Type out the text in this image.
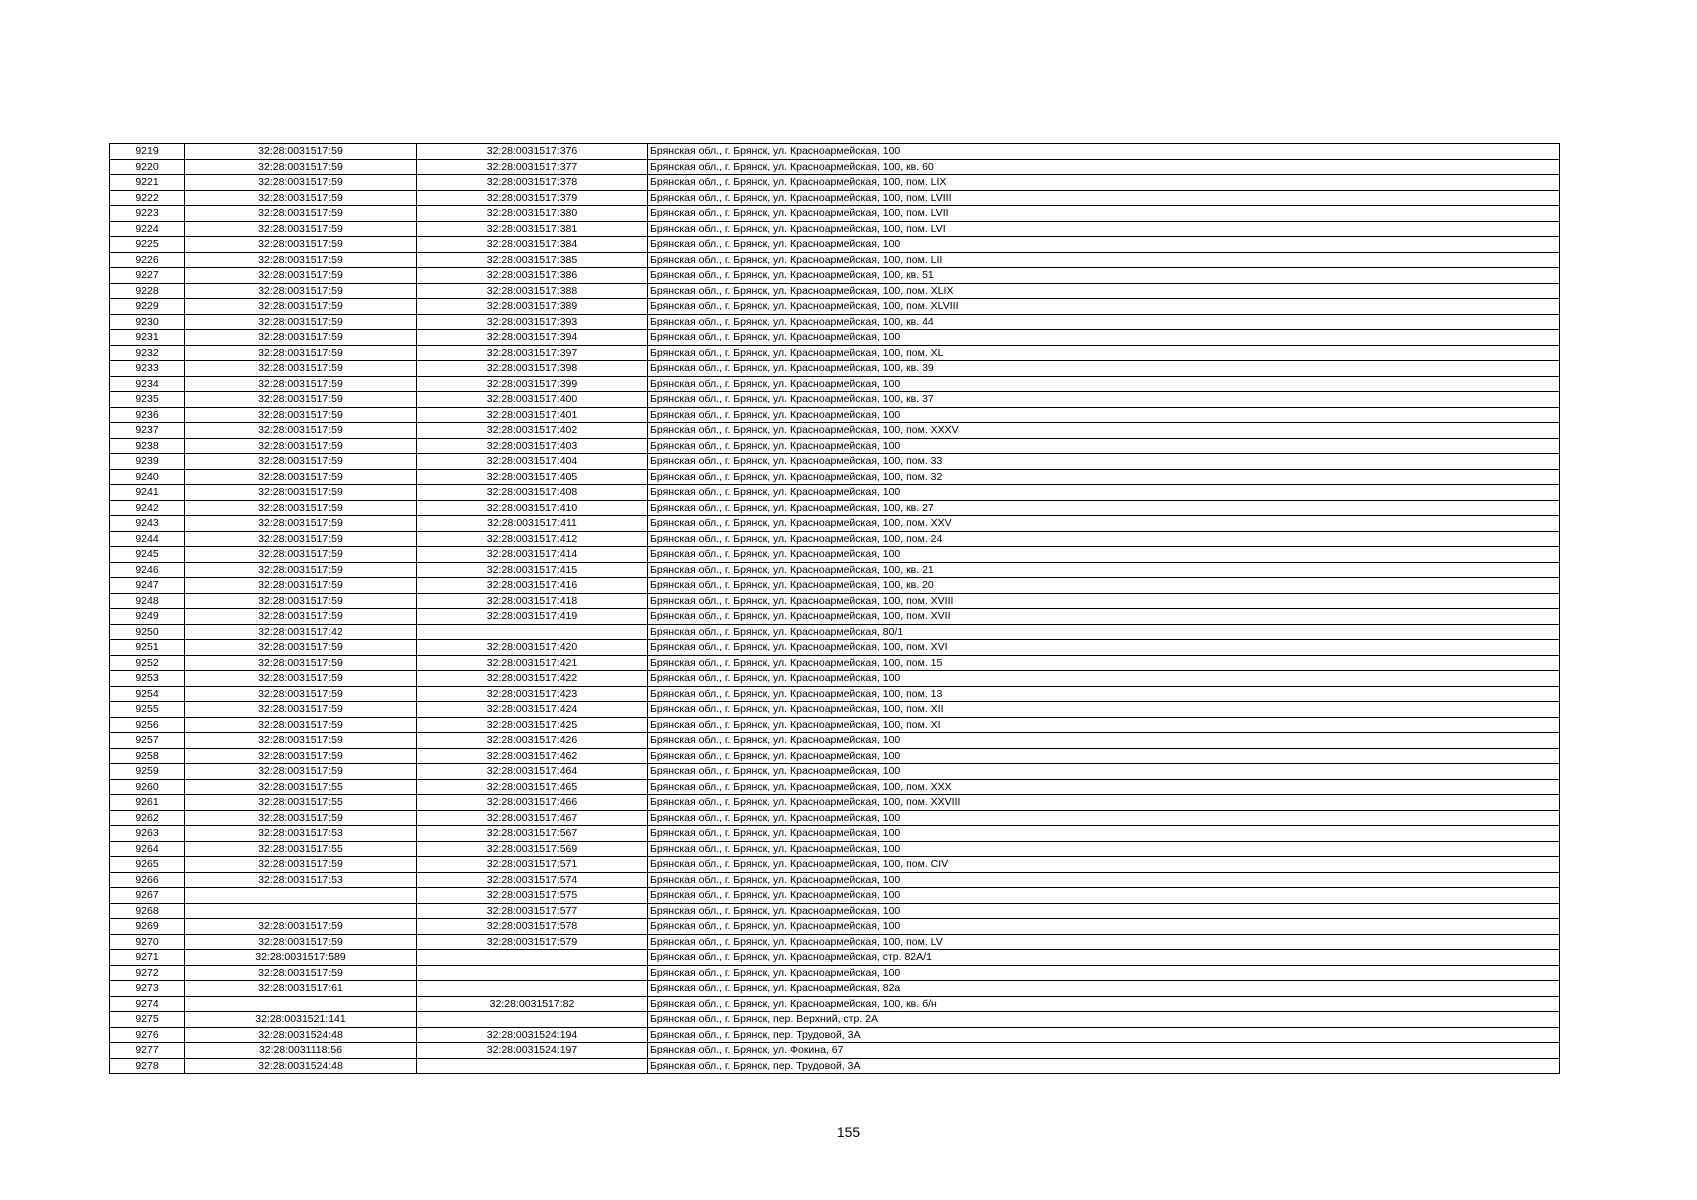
9219	32:28:0031517:59	32:28:0031517:376	Брянская обл., г. Брянск, ул. Красноармейская, 100
9220	32:28:0031517:59	32:28:0031517:377	Брянская обл., г. Брянск, ул. Красноармейская, 100, кв. 60
9221	32:28:0031517:59	32:28:0031517:378	Брянская обл., г. Брянск, ул. Красноармейская, 100, пом. LIX
9222	32:28:0031517:59	32:28:0031517:379	Брянская обл., г. Брянск, ул. Красноармейская, 100, пом. LVIII
9223	32:28:0031517:59	32:28:0031517:380	Брянская обл., г. Брянск, ул. Красноармейская, 100, пом. LVII
9224	32:28:0031517:59	32:28:0031517:381	Брянская обл., г. Брянск, ул. Красноармейская, 100, пом. LVI
9225	32:28:0031517:59	32:28:0031517:384	Брянская обл., г. Брянск, ул. Красноармейская, 100
9226	32:28:0031517:59	32:28:0031517:385	Брянская обл., г. Брянск, ул. Красноармейская, 100, пом. LII
9227	32:28:0031517:59	32:28:0031517:386	Брянская обл., г. Брянск, ул. Красноармейская, 100, кв. 51
9228	32:28:0031517:59	32:28:0031517:388	Брянская обл., г. Брянск, ул. Красноармейская, 100, пом. XLIX
9229	32:28:0031517:59	32:28:0031517:389	Брянская обл., г. Брянск, ул. Красноармейская, 100, пом. XLVIII
9230	32:28:0031517:59	32:28:0031517:393	Брянская обл., г. Брянск, ул. Красноармейская, 100, кв. 44
9231	32:28:0031517:59	32:28:0031517:394	Брянская обл., г. Брянск, ул. Красноармейская, 100
9232	32:28:0031517:59	32:28:0031517:397	Брянская обл., г. Брянск, ул. Красноармейская, 100, пом. XL
9233	32:28:0031517:59	32:28:0031517:398	Брянская обл., г. Брянск, ул. Красноармейская, 100, кв. 39
9234	32:28:0031517:59	32:28:0031517:399	Брянская обл., г. Брянск, ул. Красноармейская, 100
9235	32:28:0031517:59	32:28:0031517:400	Брянская обл., г. Брянск, ул. Красноармейская, 100, кв. 37
9236	32:28:0031517:59	32:28:0031517:401	Брянская обл., г. Брянск, ул. Красноармейская, 100
9237	32:28:0031517:59	32:28:0031517:402	Брянская обл., г. Брянск, ул. Красноармейская, 100, пом. XXXV
9238	32:28:0031517:59	32:28:0031517:403	Брянская обл., г. Брянск, ул. Красноармейская, 100
9239	32:28:0031517:59	32:28:0031517:404	Брянская обл., г. Брянск, ул. Красноармейская, 100, пом. 33
9240	32:28:0031517:59	32:28:0031517:405	Брянская обл., г. Брянск, ул. Красноармейская, 100, пом. 32
9241	32:28:0031517:59	32:28:0031517:408	Брянская обл., г. Брянск, ул. Красноармейская, 100
9242	32:28:0031517:59	32:28:0031517:410	Брянская обл., г. Брянск, ул. Красноармейская, 100, кв. 27
9243	32:28:0031517:59	32:28:0031517:411	Брянская обл., г. Брянск, ул. Красноармейская, 100, пом. XXV
9244	32:28:0031517:59	32:28:0031517:412	Брянская обл., г. Брянск, ул. Красноармейская, 100, пом. 24
9245	32:28:0031517:59	32:28:0031517:414	Брянская обл., г. Брянск, ул. Красноармейская, 100
9246	32:28:0031517:59	32:28:0031517:415	Брянская обл., г. Брянск, ул. Красноармейская, 100, кв. 21
9247	32:28:0031517:59	32:28:0031517:416	Брянская обл., г. Брянск, ул. Красноармейская, 100, кв. 20
9248	32:28:0031517:59	32:28:0031517:418	Брянская обл., г. Брянск, ул. Красноармейская, 100, пом. XVIII
9249	32:28:0031517:59	32:28:0031517:419	Брянская обл., г. Брянск, ул. Красноармейская, 100, пом. XVII
9250	32:28:0031517:42		Брянская обл., г. Брянск, ул. Красноармейская, 80/1
9251	32:28:0031517:59	32:28:0031517:420	Брянская обл., г. Брянск, ул. Красноармейская, 100, пом. XVI
9252	32:28:0031517:59	32:28:0031517:421	Брянская обл., г. Брянск, ул. Красноармейская, 100, пом. 15
9253	32:28:0031517:59	32:28:0031517:422	Брянская обл., г. Брянск, ул. Красноармейская, 100
9254	32:28:0031517:59	32:28:0031517:423	Брянская обл., г. Брянск, ул. Красноармейская, 100, пом. 13
9255	32:28:0031517:59	32:28:0031517:424	Брянская обл., г. Брянск, ул. Красноармейская, 100, пом. XII
9256	32:28:0031517:59	32:28:0031517:425	Брянская обл., г. Брянск, ул. Красноармейская, 100, пом. XI
9257	32:28:0031517:59	32:28:0031517:426	Брянская обл., г. Брянск, ул. Красноармейская, 100
9258	32:28:0031517:59	32:28:0031517:462	Брянская обл., г. Брянск, ул. Красноармейская, 100
9259	32:28:0031517:59	32:28:0031517:464	Брянская обл., г. Брянск, ул. Красноармейская, 100
9260	32:28:0031517:55	32:28:0031517:465	Брянская обл., г. Брянск, ул. Красноармейская, 100, пом. XXX
9261	32:28:0031517:55	32:28:0031517:466	Брянская обл., г. Брянск, ул. Красноармейская, 100, пом. XXVIII
9262	32:28:0031517:59	32:28:0031517:467	Брянская обл., г. Брянск, ул. Красноармейская, 100
9263	32:28:0031517:53	32:28:0031517:567	Брянская обл., г. Брянск, ул. Красноармейская, 100
9264	32:28:0031517:55	32:28:0031517:569	Брянская обл., г. Брянск, ул. Красноармейская, 100
9265	32:28:0031517:59	32:28:0031517:571	Брянская обл., г. Брянск, ул. Красноармейская, 100, пом. CIV
9266	32:28:0031517:53	32:28:0031517:574	Брянская обл., г. Брянск, ул. Красноармейская, 100
9267		32:28:0031517:575	Брянская обл., г. Брянск, ул. Красноармейская, 100
9268		32:28:0031517:577	Брянская обл., г. Брянск, ул. Красноармейская, 100
9269	32:28:0031517:59	32:28:0031517:578	Брянская обл., г. Брянск, ул. Красноармейская, 100
9270	32:28:0031517:59	32:28:0031517:579	Брянская обл., г. Брянск, ул. Красноармейская, 100, пом. LV
9271	32:28:0031517:589		Брянская обл., г. Брянск, ул. Красноармейская, стр. 82А/1
9272	32:28:0031517:59		Брянская обл., г. Брянск, ул. Красноармейская, 100
9273	32:28:0031517:61		Брянская обл., г. Брянск, ул. Красноармейская, 82а
9274		32:28:0031517:82	Брянская обл., г. Брянск, ул. Красноармейская, 100, кв. б/н
9275	32:28:0031521:141		Брянская обл., г. Брянск, пер. Верхний, стр. 2А
9276	32:28:0031524:48	32:28:0031524:194	Брянская обл., г. Брянск, пер. Трудовой, 3А
9277	32:28:0031118:56	32:28:0031524:197	Брянская обл., г. Брянск, ул. Фокина, 67
9278	32:28:0031524:48		Брянская обл., г. Брянск, пер. Трудовой, 3А
155
